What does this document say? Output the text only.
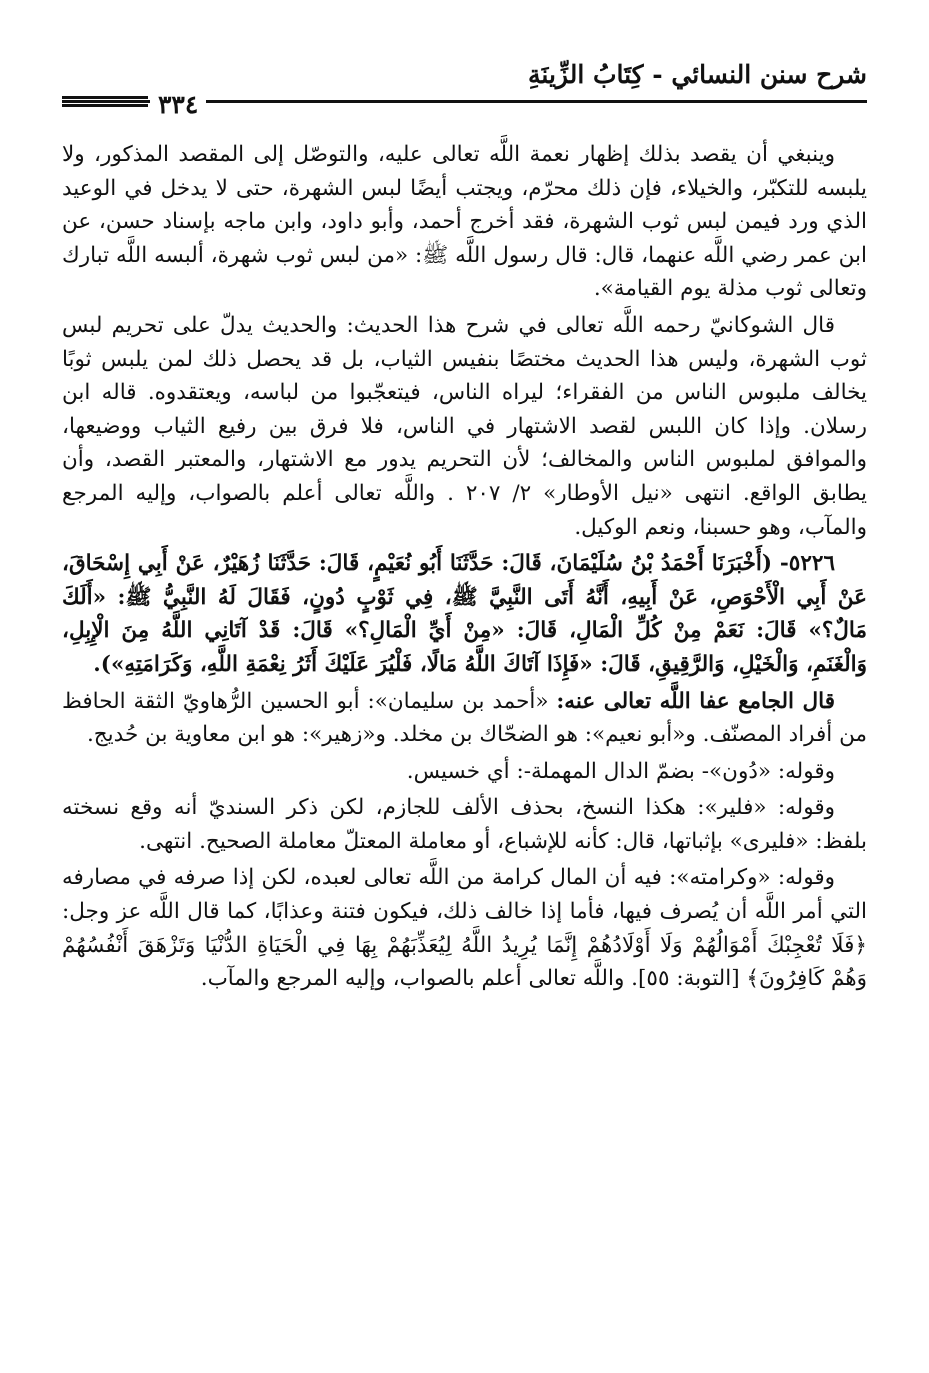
شرح سنن النسائي - كِتَابُ الزِّينَةِ
٣٣٤

وينبغي أن يقصد بذلك إظهار نعمة اللَّه تعالى عليه، والتوصّل إلى المقصد المذكور، ولا يلبسه للتكبّر، والخيلاء، فإن ذلك محرّم، ويجتب أيضًا لبس الشهرة، حتى لا يدخل في الوعيد الذي ورد فيمن لبس ثوب الشهرة، فقد أخرج أحمد، وأبو داود، وابن ماجه بإسناد حسن، عن ابن عمر رضي اللَّه عنهما، قال: قال رسول اللَّه ﷺ: «من لبس ثوب شهرة، ألبسه اللَّه تبارك وتعالى ثوب مذلة يوم القيامة».

قال الشوكانيّ رحمه اللَّه تعالى في شرح هذا الحديث: والحديث يدلّ على تحريم لبس ثوب الشهرة، وليس هذا الحديث مختصًا بنفيس الثياب، بل قد يحصل ذلك لمن يلبس ثوبًا يخالف ملبوس الناس من الفقراء؛ ليراه الناس، فيتعجّبوا من لباسه، ويعتقدوه. قاله ابن رسلان. وإذا كان اللبس لقصد الاشتهار في الناس، فلا فرق بين رفيع الثياب ووضيعها، والموافق لملبوس الناس والمخالف؛ لأن التحريم يدور مع الاشتهار، والمعتبر القصد، وأن يطابق الواقع. انتهى «نيل الأوطار» ٢/ ٢٠٧ . واللَّه تعالى أعلم بالصواب، وإليه المرجع والمآب، وهو حسبنا، ونعم الوكيل.

٥٢٢٦- (أَخْبَرَنَا أَحْمَدُ بْنُ سُلَيْمَانَ، قَالَ: حَدَّثَنَا أَبُو نُعَيْمٍ، قَالَ: حَدَّثَنَا زُهَيْرٌ، عَنْ أَبِي إِسْحَاقَ، عَنْ أَبِي الْأَحْوَصِ، عَنْ أَبِيهِ، أَنَّهُ أَتَى النَّبِيَّ ﷺ، فِي ثَوْبٍ دُونٍ، فَقَالَ لَهُ النَّبِيُّ ﷺ: «أَلَكَ مَالٌ؟» قَالَ: نَعَمْ مِنْ كُلِّ الْمَالِ، قَالَ: «مِنْ أَيِّ الْمَالِ؟» قَالَ: قَدْ آتَانِي اللَّهُ مِنَ الْإِبِلِ، وَالْغَنَمِ، وَالْخَيْلِ، وَالرَّقِيقِ، قَالَ: «فَإِذَا آتَاكَ اللَّهُ مَالًا، فَلْيُرَ عَلَيْكَ أَثَرُ نِعْمَةِ اللَّهِ، وَكَرَامَتِهِ»).

قال الجامع عفا اللَّه تعالى عنه: «أحمد بن سليمان»: أبو الحسين الرُّهاويّ الثقة الحافظ من أفراد المصنّف. و«أبو نعيم»: هو الضحّاك بن مخلد. و«زهير»: هو ابن معاوية بن حُديج.

وقوله: «دُون»- بضمّ الدال المهملة-: أي خسيس.

وقوله: «فلير»: هكذا النسخ، بحذف الألف للجازم، لكن ذكر السنديّ أنه وقع نسخته بلفظ: «فليرى» بإثباتها، قال: كأنه للإشباع، أو معاملة المعتلّ معاملة الصحيح. انتهى.

وقوله: «وكرامته»: فيه أن المال كرامة من اللَّه تعالى لعبده، لكن إذا صرفه في مصارفه التي أمر اللَّه أن يُصرف فيها، فأما إذا خالف ذلك، فيكون فتنة وعذابًا، كما قال اللَّه عز وجل: ﴿فَلَا تُعْجِبْكَ أَمْوَالُهُمْ وَلَا أَوْلَادُهُمْ إِنَّمَا يُرِيدُ اللَّهُ لِيُعَذِّبَهُمْ بِهَا فِي الْحَيَاةِ الدُّنْيَا وَتَزْهَقَ أَنْفُسُهُمْ وَهُمْ كَافِرُونَ﴾ [التوبة: ٥٥]. واللَّه تعالى أعلم بالصواب، وإليه المرجع والمآب.
